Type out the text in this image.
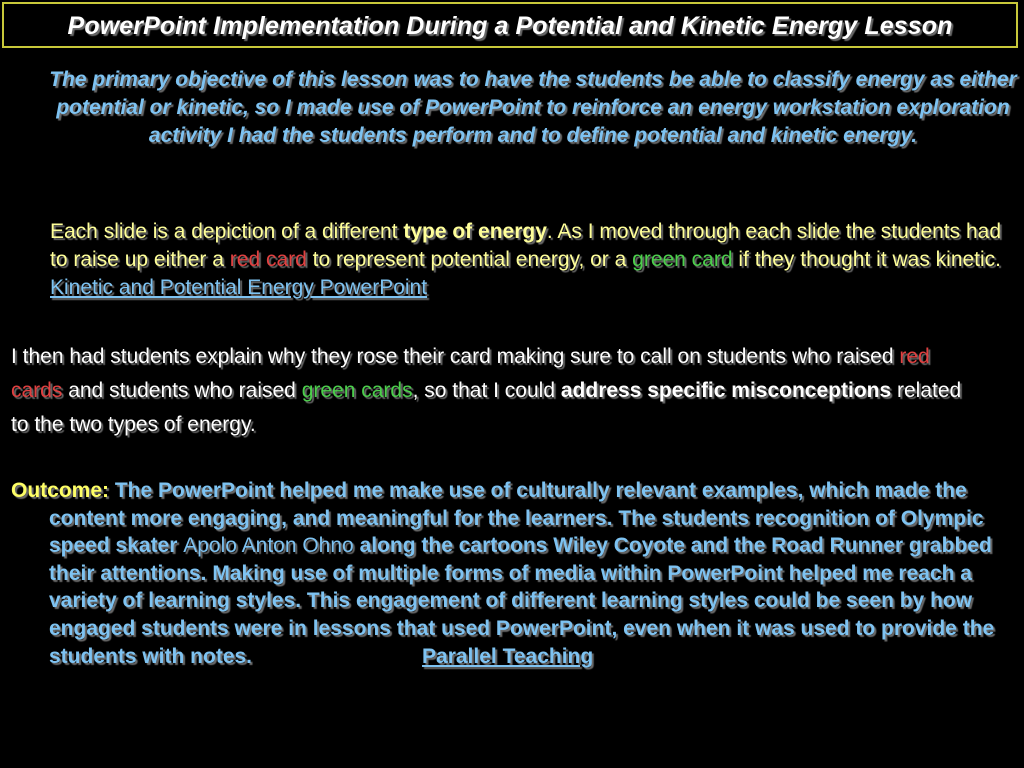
PowerPoint Implementation During a Potential and Kinetic Energy Lesson
The primary objective of this lesson was to have the students be able to classify energy as either potential or kinetic, so I made use of PowerPoint to reinforce an energy workstation exploration activity I had the students perform and to define potential and kinetic energy.
Each slide is a depiction of a different type of energy. As I moved through each slide the students had to raise up either a red card to represent potential energy, or a green card if they thought it was kinetic. Kinetic and Potential Energy PowerPoint
I then had students explain why they rose their card making sure to call on students who raised red cards and students who raised green cards, so that I could address specific misconceptions related to the two types of energy.
Outcome: The PowerPoint helped me make use of culturally relevant examples, which made the content more engaging, and meaningful for the learners. The students recognition of Olympic speed skater Apolo Anton Ohno along the cartoons Wiley Coyote and the Road Runner grabbed their attentions. Making use of multiple forms of media within PowerPoint helped me reach a variety of learning styles. This engagement of different learning styles could be seen by how engaged students were in lessons that used PowerPoint, even when it was used to provide the students with notes.	Parallel Teaching
